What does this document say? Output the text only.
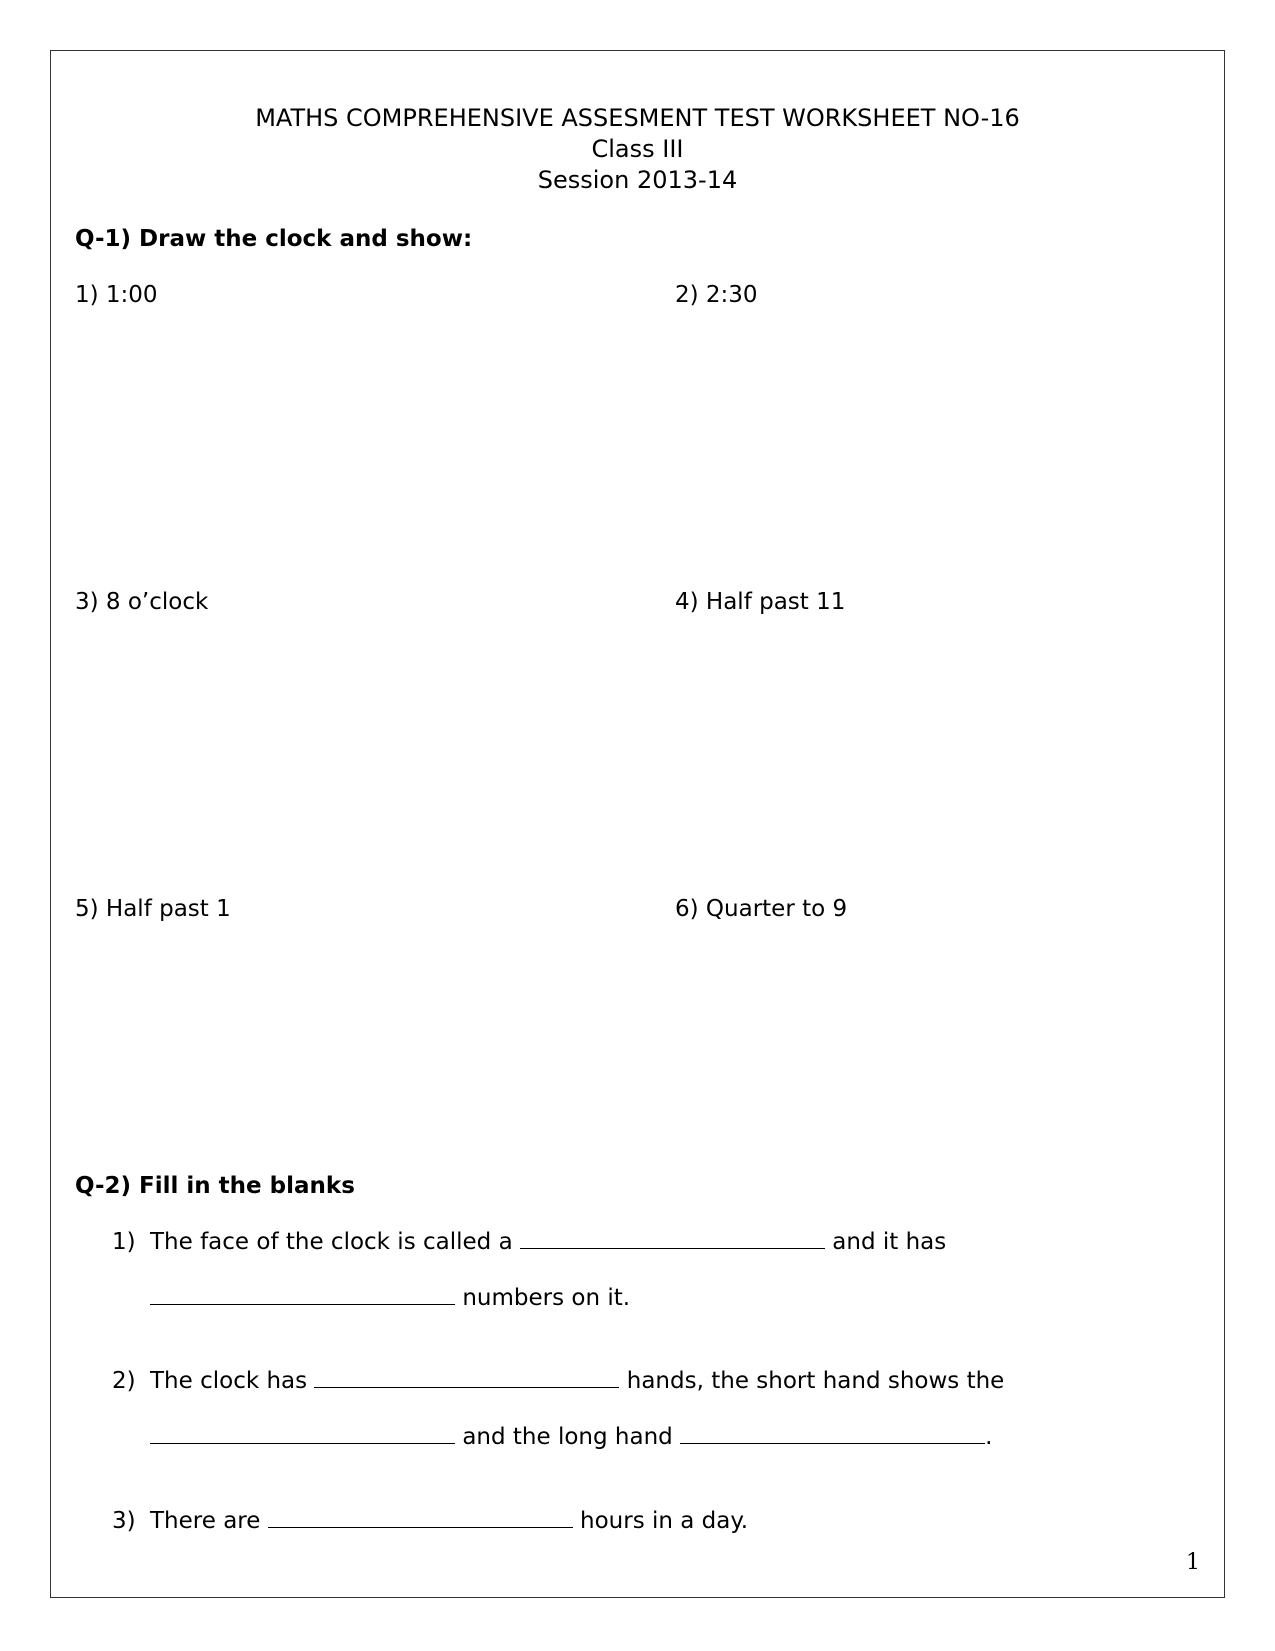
MATHS COMPREHENSIVE ASSESMENT TEST WORKSHEET NO-16
Class III
Session 2013-14
Q-1) Draw the clock and show:
1) 1:00	2) 2:30
3) 8 o’clock	4) Half past 11
5) Half past 1	6) Quarter to 9
Q-2) Fill in the blanks
1) The face of the clock is called a	and it has
numbers on it.
2) The clock has	hands, the short hand shows the
and the long hand	.
3) There are	hours in a day.
1
